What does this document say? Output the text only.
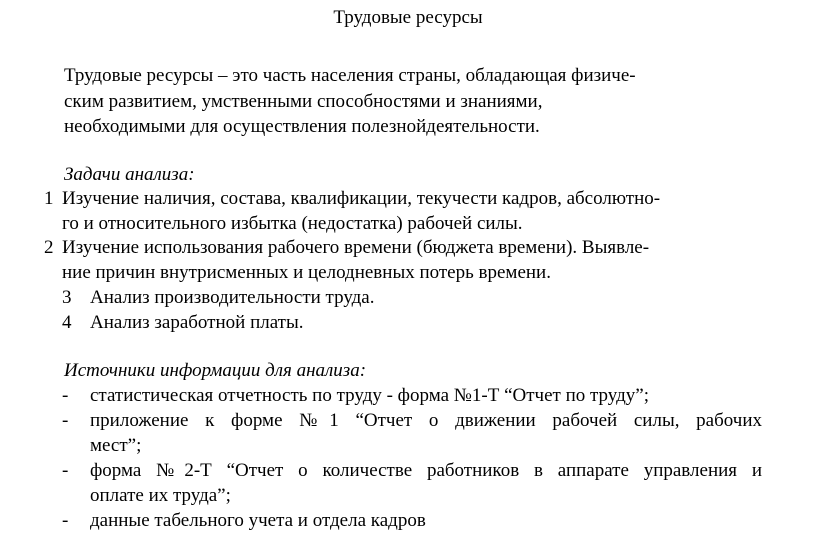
Трудовые ресурсы
Трудовые ресурсы – это часть населения страны, обладающая физиче-
ским развитием, умственными способностями и знаниями,
необходимыми для осуществления полезнойдеятельности.
Задачи анализа:
1 Изучение наличия, состава, квалификации, текучести кадров, абсолютно-
го и относительного избытка (недостатка) рабочей силы.
2 Изучение использования рабочего времени (бюджета времени). Выявле-
ние причин внутрисменных и целодневных потерь времени.
3 Анализ производительности труда.
4 Анализ заработной платы.
Источники информации для анализа:
- статистическая отчетность по труду - форма №1-Т “Отчет по труду”;
- приложение к форме №1 “Отчет о движении рабочей силы, рабочих
мест”;
- форма №2-Т “Отчет о количестве работников в аппарате управления и
оплате их труда”;
- данные табельного учета и отдела кадров
